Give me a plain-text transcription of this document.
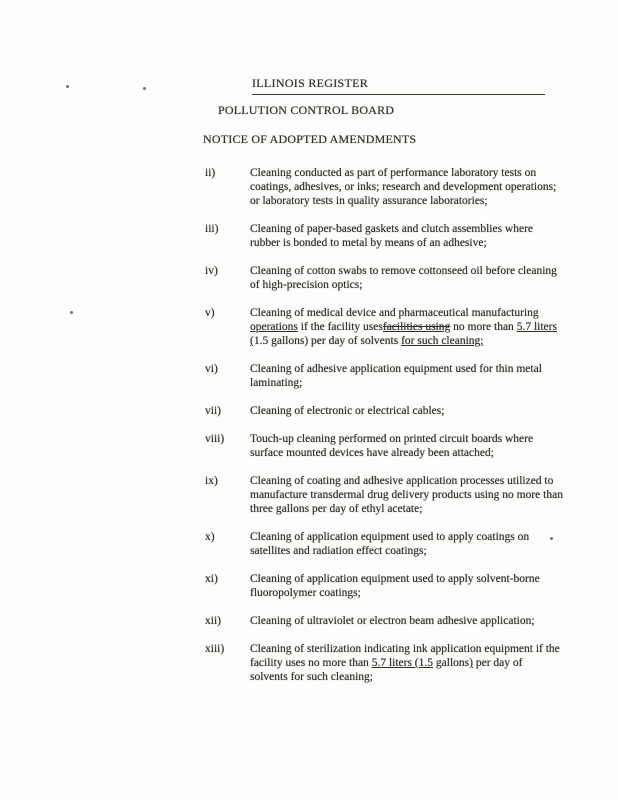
ILLINOIS REGISTER
POLLUTION CONTROL BOARD
NOTICE OF ADOPTED AMENDMENTS
ii)	Cleaning conducted as part of performance laboratory tests on coatings, adhesives, or inks; research and development operations; or laboratory tests in quality assurance laboratories;
iii)	Cleaning of paper-based gaskets and clutch assemblies where rubber is bonded to metal by means of an adhesive;
iv)	Cleaning of cotton swabs to remove cottonseed oil before cleaning of high-precision optics;
v)	Cleaning of medical device and pharmaceutical manufacturing operations if the facility usesfacilities using no more than 5.7 liters (1.5 gallons) per day of solvents for such cleaning;
vi)	Cleaning of adhesive application equipment used for thin metal laminating;
vii)	Cleaning of electronic or electrical cables;
viii)	Touch-up cleaning performed on printed circuit boards where surface mounted devices have already been attached;
ix)	Cleaning of coating and adhesive application processes utilized to manufacture transdermal drug delivery products using no more than three gallons per day of ethyl acetate;
x)	Cleaning of application equipment used to apply coatings on satellites and radiation effect coatings;
xi)	Cleaning of application equipment used to apply solvent-borne fluoropolymer coatings;
xii)	Cleaning of ultraviolet or electron beam adhesive application;
xiii)	Cleaning of sterilization indicating ink application equipment if the facility uses no more than 5.7 liters (1.5 gallons) per day of solvents for such cleaning;
